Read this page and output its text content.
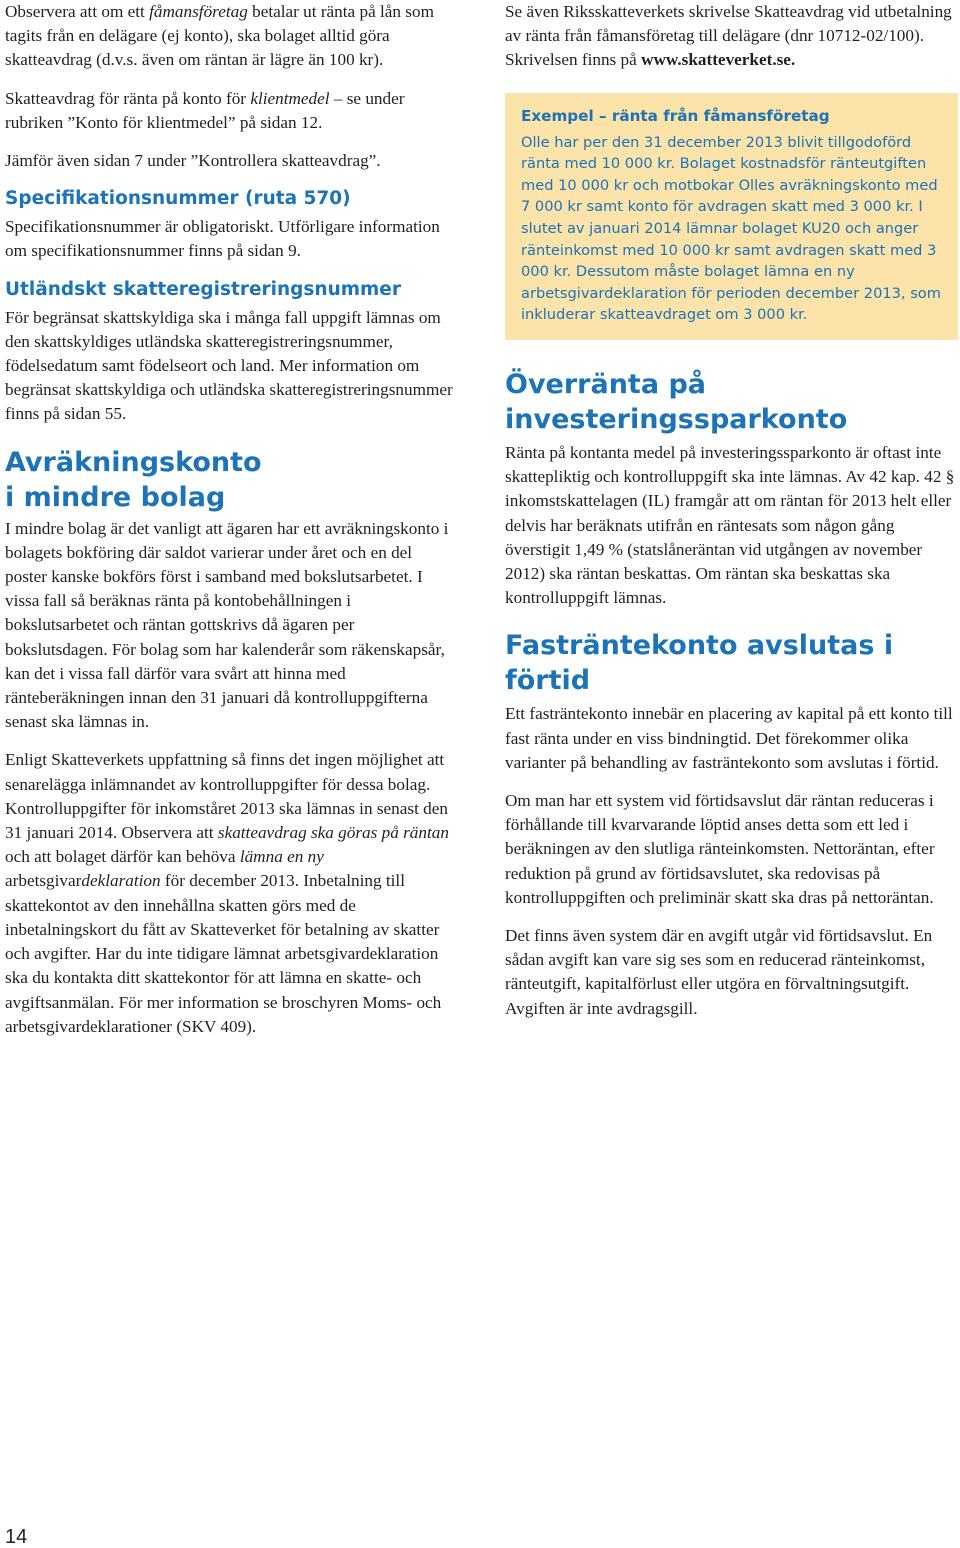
Observera att om ett fåmansföretag betalar ut ränta på lån som tagits från en delägare (ej konto), ska bolaget alltid göra skatteavdrag (d.v.s. även om räntan är lägre än 100 kr).

Skatteavdrag för ränta på konto för klientmedel – se under rubriken ”Konto för klientmedel” på sidan 12.

Jämför även sidan 7 under ”Kontrollera skatteavdrag”.

Specifikationsnummer (ruta 570)

Specifikationsnummer är obligatoriskt. Utförligare information om specifikationsnummer finns på sidan 9.

Utländskt skatteregistreringsnummer

För begränsat skattskyldiga ska i många fall uppgift lämnas om den skattskyldiges utländska skatteregistreringsnummer, födelsedatum samt födelseort och land. Mer information om begränsat skattskyldiga och utländska skatteregistreringsnummer finns på sidan 55.

Avräkningskonto
i mindre bolag

I mindre bolag är det vanligt att ägaren har ett avräkningskonto i bolagets bokföring där saldot varierar under året och en del poster kanske bokförs först i samband med bokslutsarbetet. I vissa fall så beräknas ränta på kontobehållningen i bokslutsarbetet och räntan gottskrivs då ägaren per bokslutsdagen. För bolag som har kalenderår som räkenskapsår, kan det i vissa fall därför vara svårt att hinna med ränteberäkningen innan den 31 januari då kontrolluppgifterna senast ska lämnas in.

Enligt Skatteverkets uppfattning så finns det ingen möjlighet att senarelägga inlämnandet av kontrolluppgifter för dessa bolag. Kontrolluppgifter för inkomståret 2013 ska lämnas in senast den 31 januari 2014. Observera att skatteavdrag ska göras på räntan och att bolaget därför kan behöva lämna en ny arbetsgivardeklaration för december 2013. Inbetalning till skattekontot av den innehållna skatten görs med de inbetalningskort du fått av Skatteverket för betalning av skatter och avgifter. Har du inte tidigare lämnat arbetsgivardeklaration ska du kontakta ditt skattekontor för att lämna en skatte- och avgiftsanmälan. För mer information se broschyren Moms- och arbetsgivardeklarationer (SKV 409).

Se även Riksskatteverkets skrivelse Skatteavdrag vid utbetalning av ränta från fåmansföretag till delägare (dnr 10712-02/100). Skrivelsen finns på www.skatteverket.se.

Exempel – ränta från fåmansföretag
Olle har per den 31 december 2013 blivit tillgodoförd ränta med 10 000 kr. Bolaget kostnadsför ränteutgiften med 10 000 kr och motbokar Olles avräkningskonto med 7 000 kr samt konto för avdragen skatt med 3 000 kr. I slutet av januari 2014 lämnar bolaget KU20 och anger ränteinkomst med 10 000 kr samt avdragen skatt med 3 000 kr. Dessutom måste bolaget lämna en ny arbetsgivardeklaration för perioden december 2013, som inkluderar skatteavdraget om 3 000 kr.
Överränta på
investeringssparkonto

Ränta på kontanta medel på investeringssparkonto är oftast inte skattepliktig och kontrolluppgift ska inte lämnas. Av 42 kap. 42 § inkomstskattelagen (IL) framgår att om räntan för 2013 helt eller delvis har beräknats utifrån en räntesats som någon gång överstigit 1,49 % (statslåneräntan vid utgången av november 2012) ska räntan beskattas. Om räntan ska beskattas ska kontrolluppgift lämnas.

Fasträntekonto avslutas i förtid

Ett fasträntekonto innebär en placering av kapital på ett konto till fast ränta under en viss bindningtid. Det förekommer olika varianter på behandling av fasträntekonto som avslutas i förtid.

Om man har ett system vid förtidsavslut där räntan reduceras i förhållande till kvarvarande löptid anses detta som ett led i beräkningen av den slutliga ränteinkomsten. Nettoräntan, efter reduktion på grund av förtidsavslutet, ska redovisas på kontrolluppgiften och preliminär skatt ska dras på nettoräntan.

Det finns även system där en avgift utgår vid förtidsavslut. En sådan avgift kan vare sig ses som en reducerad ränteinkomst, ränteutgift, kapitalförlust eller utgöra en förvaltningsutgift. Avgiften är inte avdragsgill.

14
